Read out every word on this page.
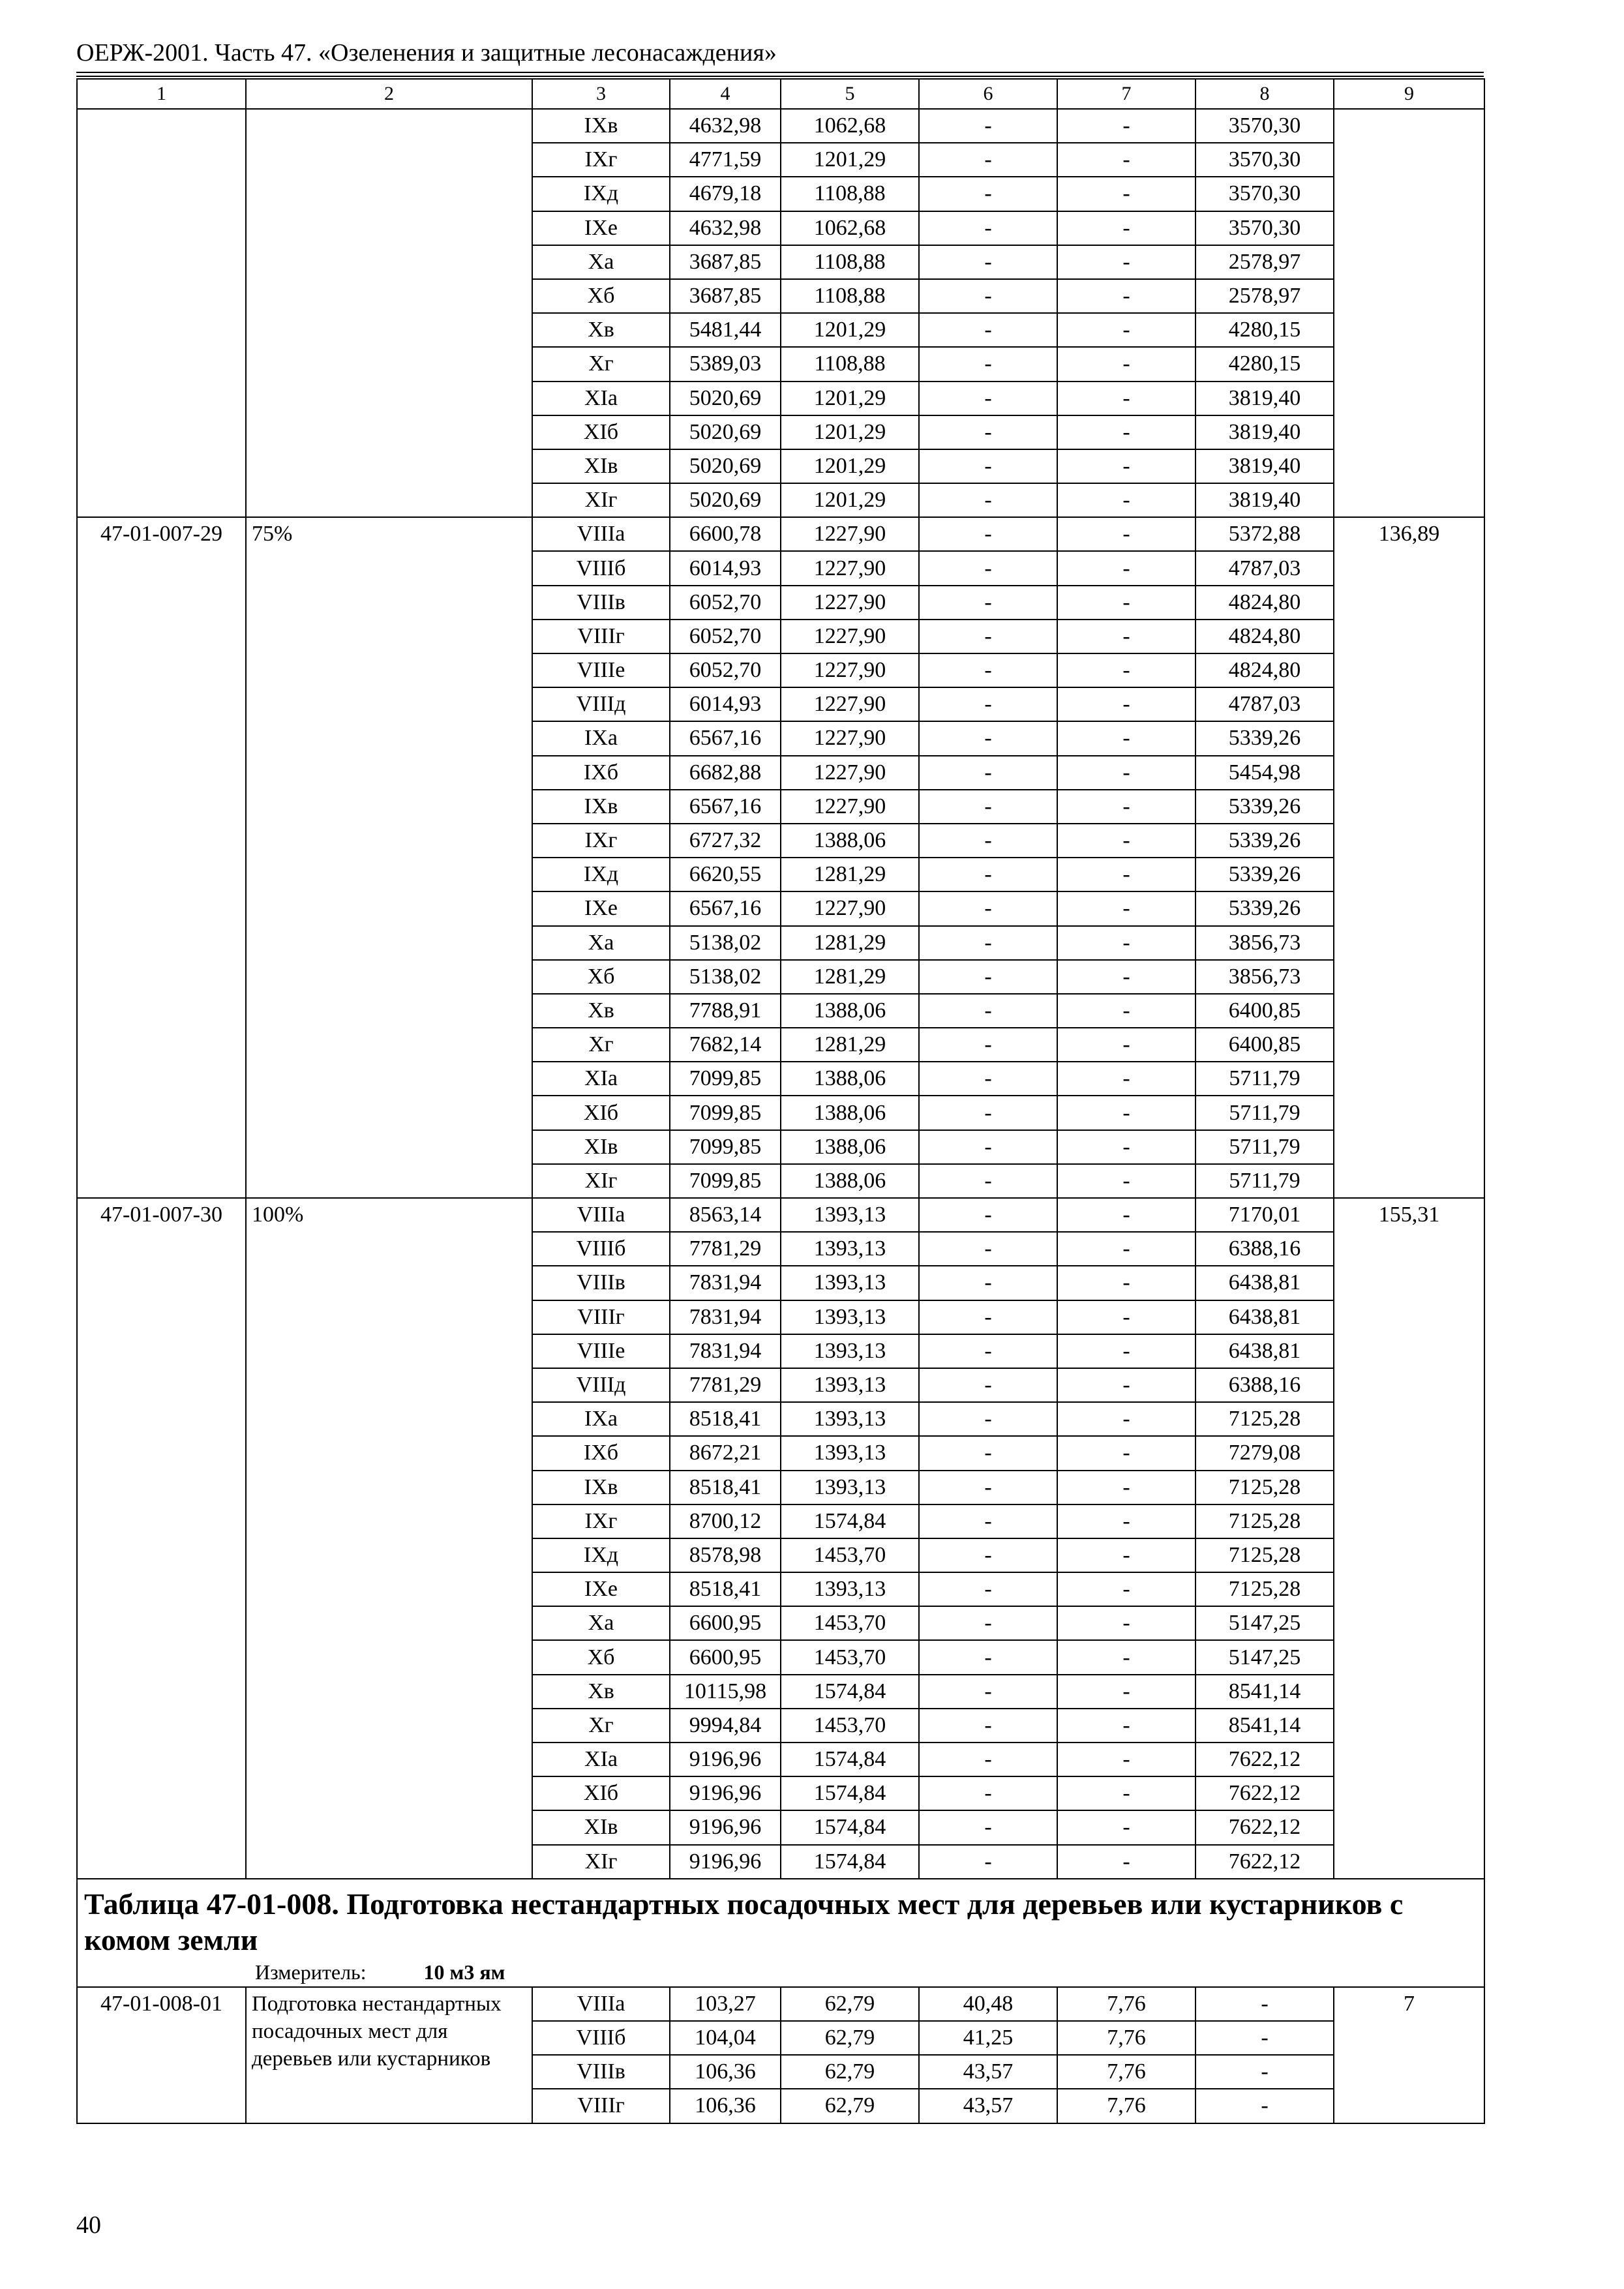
ОЕРЖ-2001. Часть 47. «Озеленения и защитные лесонасаждения»
1	2	3	4	5	6	7	8	9
		IXв	4632,98	1062,68	-	-	3570,30	
		IXг	4771,59	1201,29	-	-	3570,30	
		IXд	4679,18	1108,88	-	-	3570,30	
		IXе	4632,98	1062,68	-	-	3570,30	
		Xа	3687,85	1108,88	-	-	2578,97	
		Xб	3687,85	1108,88	-	-	2578,97	
		Xв	5481,44	1201,29	-	-	4280,15	
		Xг	5389,03	1108,88	-	-	4280,15	
		XIа	5020,69	1201,29	-	-	3819,40	
		XIб	5020,69	1201,29	-	-	3819,40	
		XIв	5020,69	1201,29	-	-	3819,40	
		XIг	5020,69	1201,29	-	-	3819,40	
47-01-007-29	75%	VIIIа	6600,78	1227,90	-	-	5372,88	136,89
		VIIIб	6014,93	1227,90	-	-	4787,03	
		VIIIв	6052,70	1227,90	-	-	4824,80	
		VIIIг	6052,70	1227,90	-	-	4824,80	
		VIIIе	6052,70	1227,90	-	-	4824,80	
		VIIIд	6014,93	1227,90	-	-	4787,03	
		IXа	6567,16	1227,90	-	-	5339,26	
		IXб	6682,88	1227,90	-	-	5454,98	
		IXв	6567,16	1227,90	-	-	5339,26	
		IXг	6727,32	1388,06	-	-	5339,26	
		IXд	6620,55	1281,29	-	-	5339,26	
		IXе	6567,16	1227,90	-	-	5339,26	
		Xа	5138,02	1281,29	-	-	3856,73	
		Xб	5138,02	1281,29	-	-	3856,73	
		Xв	7788,91	1388,06	-	-	6400,85	
		Xг	7682,14	1281,29	-	-	6400,85	
		XIа	7099,85	1388,06	-	-	5711,79	
		XIб	7099,85	1388,06	-	-	5711,79	
		XIв	7099,85	1388,06	-	-	5711,79	
		XIг	7099,85	1388,06	-	-	5711,79	
47-01-007-30	100%	VIIIа	8563,14	1393,13	-	-	7170,01	155,31
		VIIIб	7781,29	1393,13	-	-	6388,16	
		VIIIв	7831,94	1393,13	-	-	6438,81	
		VIIIг	7831,94	1393,13	-	-	6438,81	
		VIIIе	7831,94	1393,13	-	-	6438,81	
		VIIIд	7781,29	1393,13	-	-	6388,16	
		IXа	8518,41	1393,13	-	-	7125,28	
		IXб	8672,21	1393,13	-	-	7279,08	
		IXв	8518,41	1393,13	-	-	7125,28	
		IXг	8700,12	1574,84	-	-	7125,28	
		IXд	8578,98	1453,70	-	-	7125,28	
		IXе	8518,41	1393,13	-	-	7125,28	
		Xа	6600,95	1453,70	-	-	5147,25	
		Xб	6600,95	1453,70	-	-	5147,25	
		Xв	10115,98	1574,84	-	-	8541,14	
		Xг	9994,84	1453,70	-	-	8541,14	
		XIа	9196,96	1574,84	-	-	7622,12	
		XIб	9196,96	1574,84	-	-	7622,12	
		XIв	9196,96	1574,84	-	-	7622,12	
		XIг	9196,96	1574,84	-	-	7622,12	

Таблица 47-01-008. Подготовка нестандартных посадочных мест для деревьев или кустарников с комом земли
Измеритель: 10 м3 ям								

47-01-008-01	Подготовка нестандартных посадочных мест для деревьев или кустарников	VIIIа	103,27	62,79	40,48	7,76	-	7
		VIIIб	104,04	62,79	41,25	7,76	-	
		VIIIв	106,36	62,79	43,57	7,76	-	
		VIIIг	106,36	62,79	43,57	7,76	-	
40
